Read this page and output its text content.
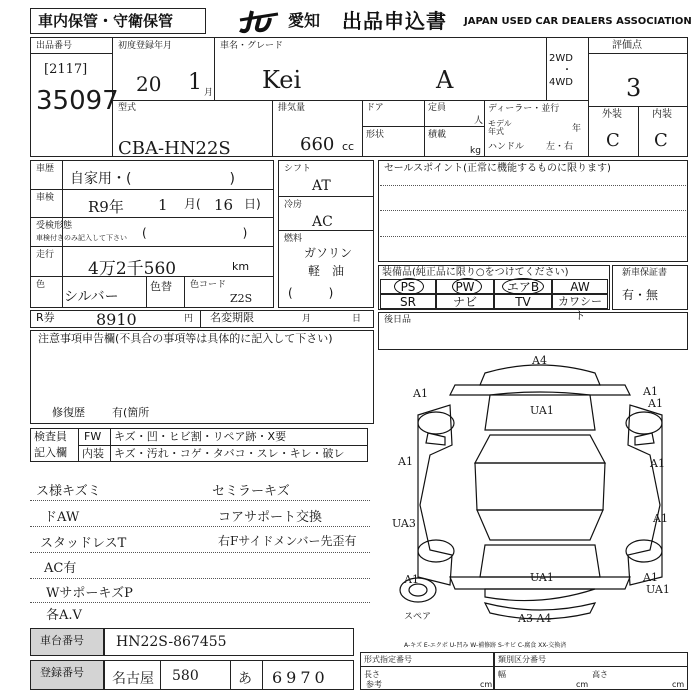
車内保管・守衛保管	愛知 出品申込書 JAPAN USED CAR DEALERS ASSOCIATION
出品番号
[2117]
35097
初度登録年月
20 1 月
車名・グレード
Kei	A
2WD
・
4WD
評価点
3
外装	内装
C C
型式
CBA-HN22S
排気量
660 cc
ドア
形状
定員
人
積載
kg
ディーラー・並行
モデル
年式	年
ハンドル 左・右
車歴
自家用・(　　　　　　　)
車検 R9年 1 月( 16 日)
受検形態
車検付きのみ記入して下さい (　　　　　　　　)
走行
4万2千560	km
色
シルバー
色替 色コード
Z2S
シフト
AT
冷房
AC
燃料
ガソリン
軽　油
(　　　)
セールスポイント(正常に機能するものに限ります)
装備品(純正品に限り○をつけてください)
PS	PW	エアB	AW
SR	ナビ	TV	カワシート
新車保証書
有・無
R券	8910	円 名変期限	月	日	後日品
注意事項申告欄(不具合の事項等は具体的に記入して下さい)
修復歴 有(箇所
検査員
記入欄
FW キズ・凹・ヒビ割・リペア跡・X要
内装 キズ・汚れ・コゲ・タバコ・スレ・キレ・破レ
ス様キズミ	セミラーキズ
ドAW	コアサポート交換
スタッドレスT	右Fサイドメンバー先歪有
AC有
WサポーキズP
各A.V
車台番号 HN22S-867455
登録番号 名古屋 580	あ 6970
A4
A1	A1
A1	A1
A1
UA1
UA1
UA3	A1
A1	A1
UA1
A3 A4
スペア
A-キズ E-エクボ U-凹み W-補修跡 S-サビ C-腐食 XX-交換済
形式指定番号
長さ
参考	cm
類別区分番号
幅	高さ
cm	cm
